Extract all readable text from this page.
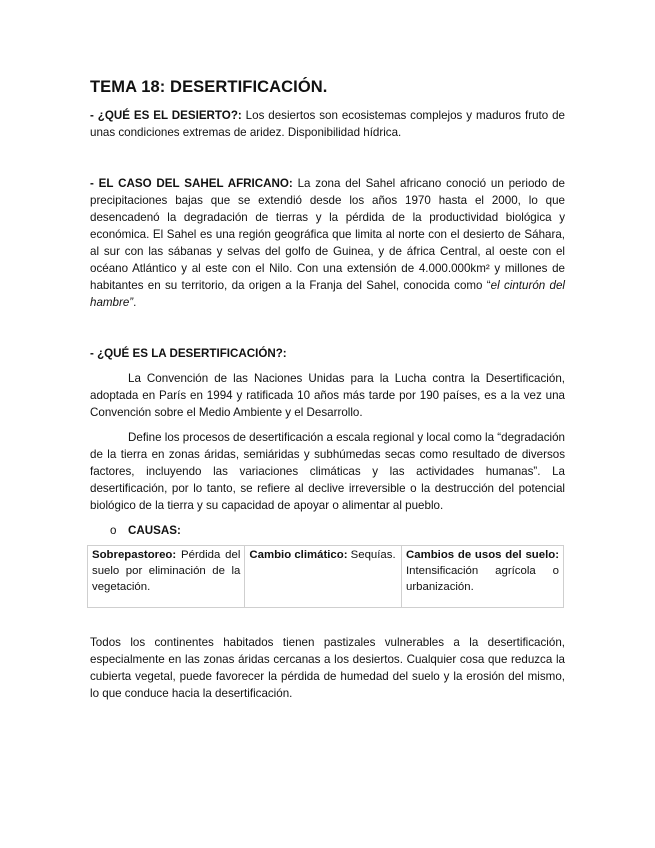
TEMA 18: DESERTIFICACIÓN.

- ¿QUÉ ES EL DESIERTO?: Los desiertos son ecosistemas complejos y maduros fruto de unas condiciones extremas de aridez. Disponibilidad hídrica.

- EL CASO DEL SAHEL AFRICANO: La zona del Sahel africano conoció un periodo de precipitaciones bajas que se extendió desde los años 1970 hasta el 2000, lo que desencadenó la degradación de tierras y la pérdida de la productividad biológica y económica. El Sahel es una región geográfica que limita al norte con el desierto de Sáhara, al sur con las sábanas y selvas del golfo de Guinea, y de áfrica Central, al oeste con el océano Atlántico y al este con el Nilo. Con una extensión de 4.000.000km² y millones de habitantes en su territorio, da origen a la Franja del Sahel, conocida como “el cinturón del hambre”.

- ¿QUÉ ES LA DESERTIFICACIÓN?:

La Convención de las Naciones Unidas para la Lucha contra la Desertificación, adoptada en París en 1994 y ratificada 10 años más tarde por 190 países, es a la vez una Convención sobre el Medio Ambiente y el Desarrollo.

Define los procesos de desertificación a escala regional y local como la “degradación de la tierra en zonas áridas, semiáridas y subhúmedas secas como resultado de diversos factores, incluyendo las variaciones climáticas y las actividades humanas”. La desertificación, por lo tanto, se refiere al declive irreversible o la destrucción del potencial biológico de la tierra y su capacidad de apoyar o alimentar al pueblo.

o CAUSAS:
Sobrepastoreo: Pérdida del suelo por eliminación de la vegetación.	Cambio climático: Sequías.	Cambios de usos del suelo: Intensificación agrícola o urbanización.

Todos los continentes habitados tienen pastizales vulnerables a la desertificación, especialmente en las zonas áridas cercanas a los desiertos. Cualquier cosa que reduzca la cubierta vegetal, puede favorecer la pérdida de humedad del suelo y la erosión del mismo, lo que conduce hacia la desertificación.
